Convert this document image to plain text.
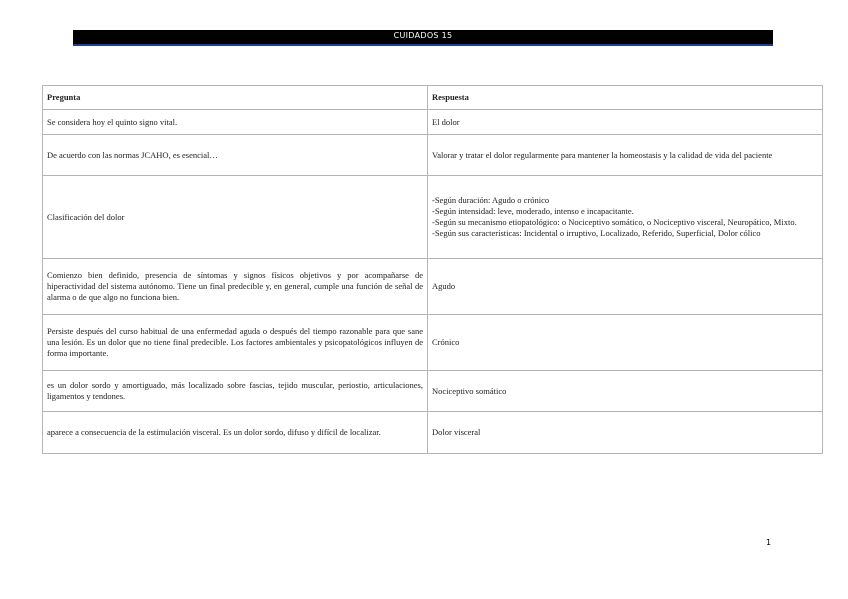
CUIDADOS 15
Pregunta	Respuesta
Se considera hoy el quinto signo vital.	El dolor
De acuerdo con las normas JCAHO, es esencial…	Valorar y tratar el dolor regularmente para mantener la homeostasis y la calidad de vida del paciente
Clasificación del dolor	-Según duración: Agudo o crónico
-Según intensidad: leve, moderado, intenso e incapacitante.
-Según su mecanismo etiopatológico: o Nociceptivo somático, o Nociceptivo visceral, Neuropático, Mixto.
-Según sus características: Incidental o irruptivo, Localizado, Referido, Superficial, Dolor cólico

Comienzo bien definido, presencia de síntomas y signos físicos objetivos y por acompañarse de hiperactividad del sistema autónomo. Tiene un final predecible y, en general, cumple una función de señal de alarma o de que algo no funciona bien.	Agudo
Persiste después del curso habitual de una enfermedad aguda o después del tiempo razonable para que sane una lesión. Es un dolor que no tiene final predecible. Los factores ambientales y psicopatológicos influyen de forma importante.	Crónico
es un dolor sordo y amortiguado, más localizado sobre fascias, tejido muscular, periostio, articulaciones, ligamentos y tendones.	Nociceptivo somático
aparece a consecuencia de la estimulación visceral. Es un dolor sordo, difuso y difícil de localizar.	Dolor visceral
1
